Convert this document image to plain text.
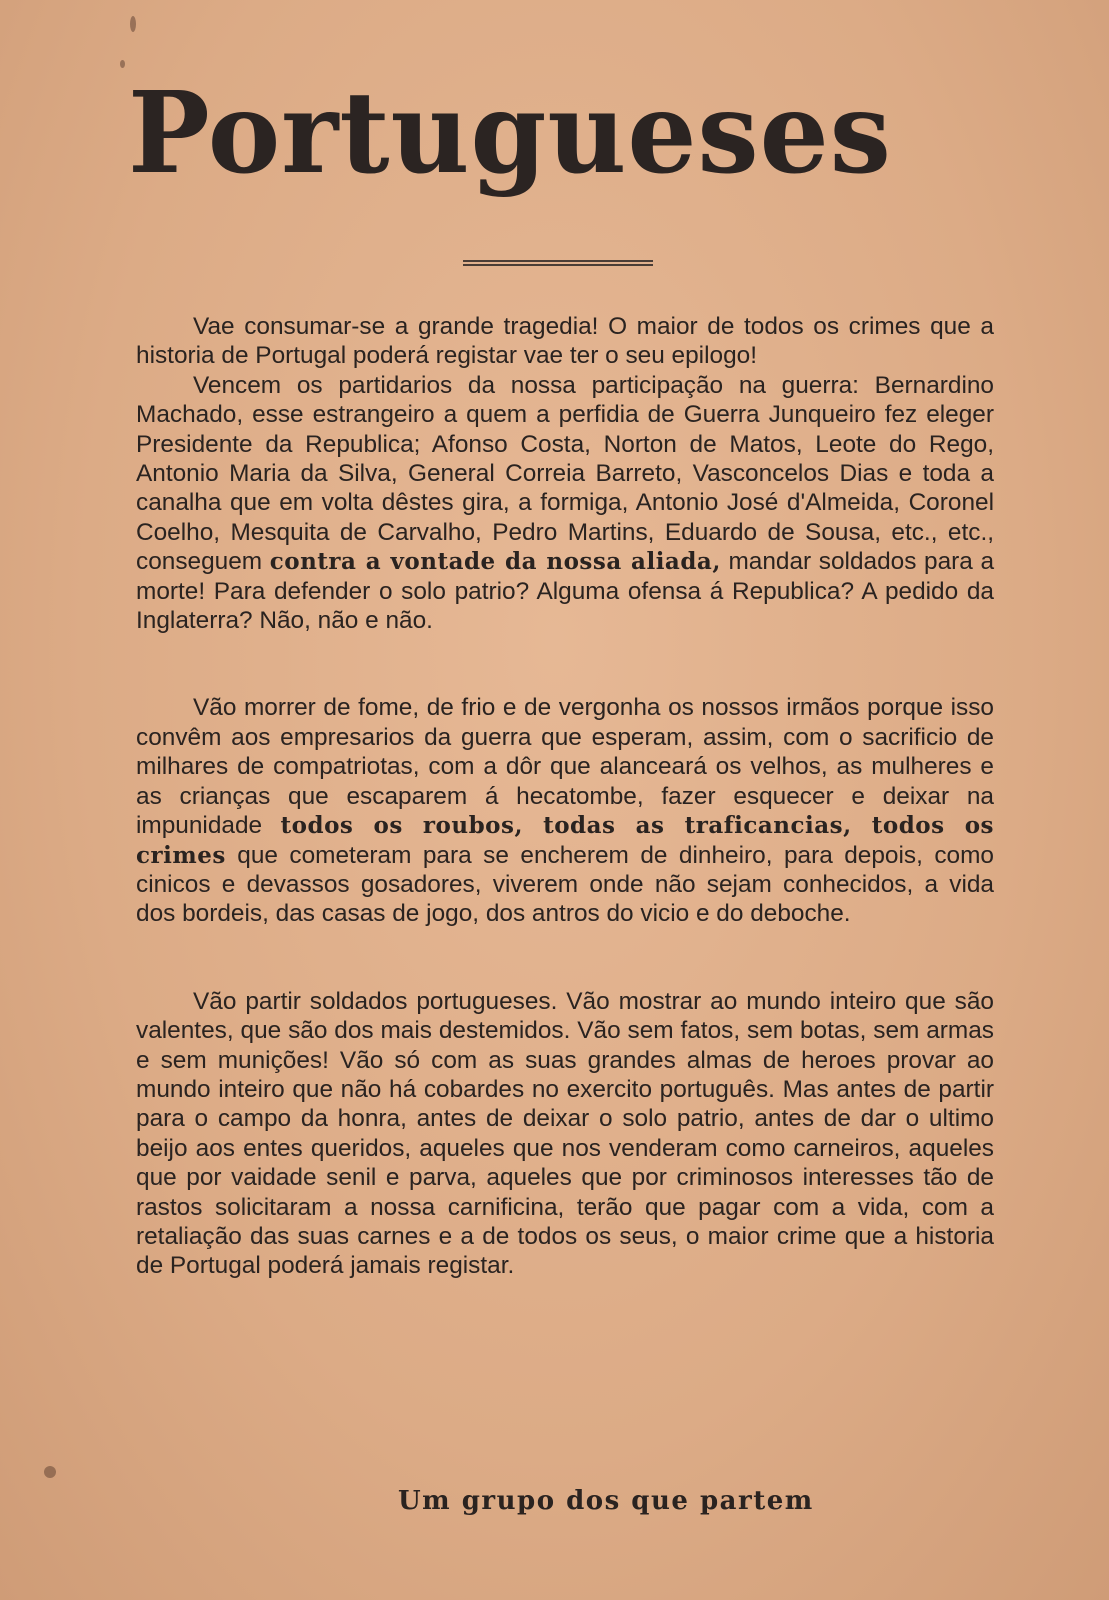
Portugueses

Vae consumar-se a grande tragedia! O maior de todos os crimes que a historia de Portugal poderá registar vae ter o seu epilogo!

Vencem os partidarios da nossa participação na guerra: Bernardino Machado, esse estrangeiro a quem a perfidia de Guerra Junqueiro fez eleger Presidente da Republica; Afonso Costa, Norton de Matos, Leote do Rego, Antonio Maria da Silva, General Correia Barreto, Vasconcelos Dias e toda a canalha que em volta dêstes gira, a formiga, Antonio José d'Almeida, Coronel Coelho, Mesquita de Carvalho, Pedro Martins, Eduardo de Sousa, etc., etc., conseguem contra a vontade da nossa aliada, mandar soldados para a morte! Para defender o solo patrio? Alguma ofensa á Republica? A pedido da Inglaterra? Não, não e não.

Vão morrer de fome, de frio e de vergonha os nossos irmãos porque isso convêm aos empresarios da guerra que esperam, assim, com o sacrificio de milhares de compatriotas, com a dôr que alanceará os velhos, as mulheres e as crianças que escaparem á hecatombe, fazer esquecer e deixar na impunidade todos os roubos, todas as traficancias, todos os crimes que cometeram para se encherem de dinheiro, para depois, como cinicos e devassos gosadores, viverem onde não sejam conhecidos, a vida dos bordeis, das casas de jogo, dos antros do vicio e do deboche.

Vão partir soldados portugueses. Vão mostrar ao mundo inteiro que são valentes, que são dos mais destemidos. Vão sem fatos, sem botas, sem armas e sem munições! Vão só com as suas grandes almas de heroes provar ao mundo inteiro que não há cobardes no exercito português. Mas antes de partir para o campo da honra, antes de deixar o solo patrio, antes de dar o ultimo beijo aos entes queridos, aqueles que nos venderam como carneiros, aqueles que por vaidade senil e parva, aqueles que por criminosos interesses tão de rastos solicitaram a nossa carnificina, terão que pagar com a vida, com a retaliação das suas carnes e a de todos os seus, o maior crime que a historia de Portugal poderá jamais registar.

Um grupo dos que partem
